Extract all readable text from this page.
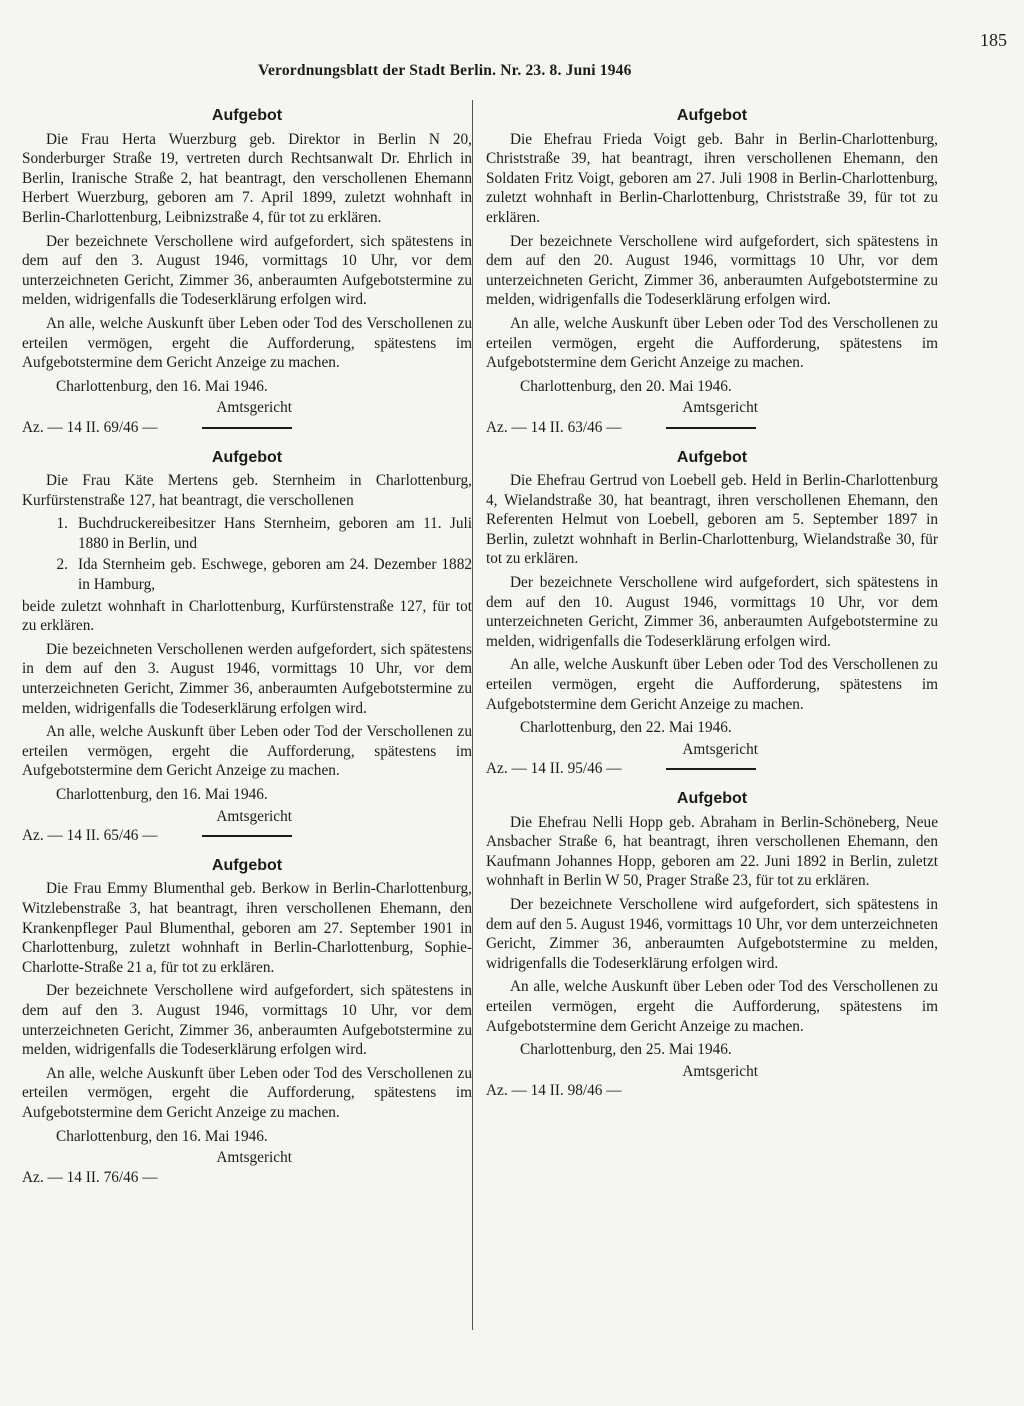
Verordnungsblatt der Stadt Berlin. Nr. 23. 8. Juni 1946
185
Aufgebot

Die Frau Herta Wuerzburg geb. Direktor in Berlin N 20, Sonderburger Straße 19, vertreten durch Rechtsanwalt Dr. Ehrlich in Berlin, Iranische Straße 2, hat beantragt, den verschollenen Ehemann Herbert Wuerzburg, geboren am 7. April 1899, zuletzt wohnhaft in Berlin-Charlottenburg, Leibnizstraße 4, für tot zu erklären.

Der bezeichnete Verschollene wird aufgefordert, sich spätestens in dem auf den 3. August 1946, vormittags 10 Uhr, vor dem unterzeichneten Gericht, Zimmer 36, anberaumten Aufgebotstermine zu melden, widrigenfalls die Todeserklärung erfolgen wird.

An alle, welche Auskunft über Leben oder Tod des Verschollenen zu erteilen vermögen, ergeht die Aufforderung, spätestens im Aufgebotstermine dem Gericht Anzeige zu machen.

Charlottenburg, den 16. Mai 1946.

Amtsgericht

Az. — 14 II. 69/46 —
Aufgebot

Die Frau Käte Mertens geb. Sternheim in Charlottenburg, Kurfürstenstraße 127, hat beantragt, die verschollenen

1. Buchdruckereibesitzer Hans Sternheim, geboren am 11. Juli 1880 in Berlin, und
2. Ida Sternheim geb. Eschwege, geboren am 24. Dezember 1882 in Hamburg,

beide zuletzt wohnhaft in Charlottenburg, Kurfürstenstraße 127, für tot zu erklären.

Die bezeichneten Verschollenen werden aufgefordert, sich spätestens in dem auf den 3. August 1946, vormittags 10 Uhr, vor dem unterzeichneten Gericht, Zimmer 36, anberaumten Aufgebotstermine zu melden, widrigenfalls die Todeserklärung erfolgen wird.

An alle, welche Auskunft über Leben oder Tod der Verschollenen zu erteilen vermögen, ergeht die Aufforderung, spätestens im Aufgebotstermine dem Gericht Anzeige zu machen.

Charlottenburg, den 16. Mai 1946.

Amtsgericht

Az. — 14 II. 65/46 —
Aufgebot

Die Frau Emmy Blumenthal geb. Berkow in Berlin-Charlottenburg, Witzlebenstraße 3, hat beantragt, ihren verschollenen Ehemann, den Krankenpfleger Paul Blumenthal, geboren am 27. September 1901 in Charlottenburg, zuletzt wohnhaft in Berlin-Charlottenburg, Sophie-Charlotte-Straße 21 a, für tot zu erklären.

Der bezeichnete Verschollene wird aufgefordert, sich spätestens in dem auf den 3. August 1946, vormittags 10 Uhr, vor dem unterzeichneten Gericht, Zimmer 36, anberaumten Aufgebotstermine zu melden, widrigenfalls die Todeserklärung erfolgen wird.

An alle, welche Auskunft über Leben oder Tod des Verschollenen zu erteilen vermögen, ergeht die Aufforderung, spätestens im Aufgebotstermine dem Gericht Anzeige zu machen.

Charlottenburg, den 16. Mai 1946.

Amtsgericht

Az. — 14 II. 76/46 —
Aufgebot

Die Ehefrau Frieda Voigt geb. Bahr in Berlin-Charlottenburg, Christstraße 39, hat beantragt, ihren verschollenen Ehemann, den Soldaten Fritz Voigt, geboren am 27. Juli 1908 in Berlin-Charlottenburg, zuletzt wohnhaft in Berlin-Charlottenburg, Christstraße 39, für tot zu erklären.

Der bezeichnete Verschollene wird aufgefordert, sich spätestens in dem auf den 20. August 1946, vormittags 10 Uhr, vor dem unterzeichneten Gericht, Zimmer 36, anberaumten Aufgebotstermine zu melden, widrigenfalls die Todeserklärung erfolgen wird.

An alle, welche Auskunft über Leben oder Tod des Verschollenen zu erteilen vermögen, ergeht die Aufforderung, spätestens im Aufgebotstermine dem Gericht Anzeige zu machen.

Charlottenburg, den 20. Mai 1946.

Amtsgericht

Az. — 14 II. 63/46 —
Aufgebot

Die Ehefrau Gertrud von Loebell geb. Held in Berlin-Charlottenburg 4, Wielandstraße 30, hat beantragt, ihren verschollenen Ehemann, den Referenten Helmut von Loebell, geboren am 5. September 1897 in Berlin, zuletzt wohnhaft in Berlin-Charlottenburg, Wielandstraße 30, für tot zu erklären.

Der bezeichnete Verschollene wird aufgefordert, sich spätestens in dem auf den 10. August 1946, vormittags 10 Uhr, vor dem unterzeichneten Gericht, Zimmer 36, anberaumten Aufgebotstermine zu melden, widrigenfalls die Todeserklärung erfolgen wird.

An alle, welche Auskunft über Leben oder Tod des Verschollenen zu erteilen vermögen, ergeht die Aufforderung, spätestens im Aufgebotstermine dem Gericht Anzeige zu machen.

Charlottenburg, den 22. Mai 1946.

Amtsgericht

Az. — 14 II. 95/46 —
Aufgebot

Die Ehefrau Nelli Hopp geb. Abraham in Berlin-Schöneberg, Neue Ansbacher Straße 6, hat beantragt, ihren verschollenen Ehemann, den Kaufmann Johannes Hopp, geboren am 22. Juni 1892 in Berlin, zuletzt wohnhaft in Berlin W 50, Prager Straße 23, für tot zu erklären.

Der bezeichnete Verschollene wird aufgefordert, sich spätestens in dem auf den 5. August 1946, vormittags 10 Uhr, vor dem unterzeichneten Gericht, Zimmer 36, anberaumten Aufgebotstermine zu melden, widrigenfalls die Todeserklärung erfolgen wird.

An alle, welche Auskunft über Leben oder Tod des Verschollenen zu erteilen vermögen, ergeht die Aufforderung, spätestens im Aufgebotstermine dem Gericht Anzeige zu machen.

Charlottenburg, den 25. Mai 1946.

Amtsgericht

Az. — 14 II. 98/46 —
